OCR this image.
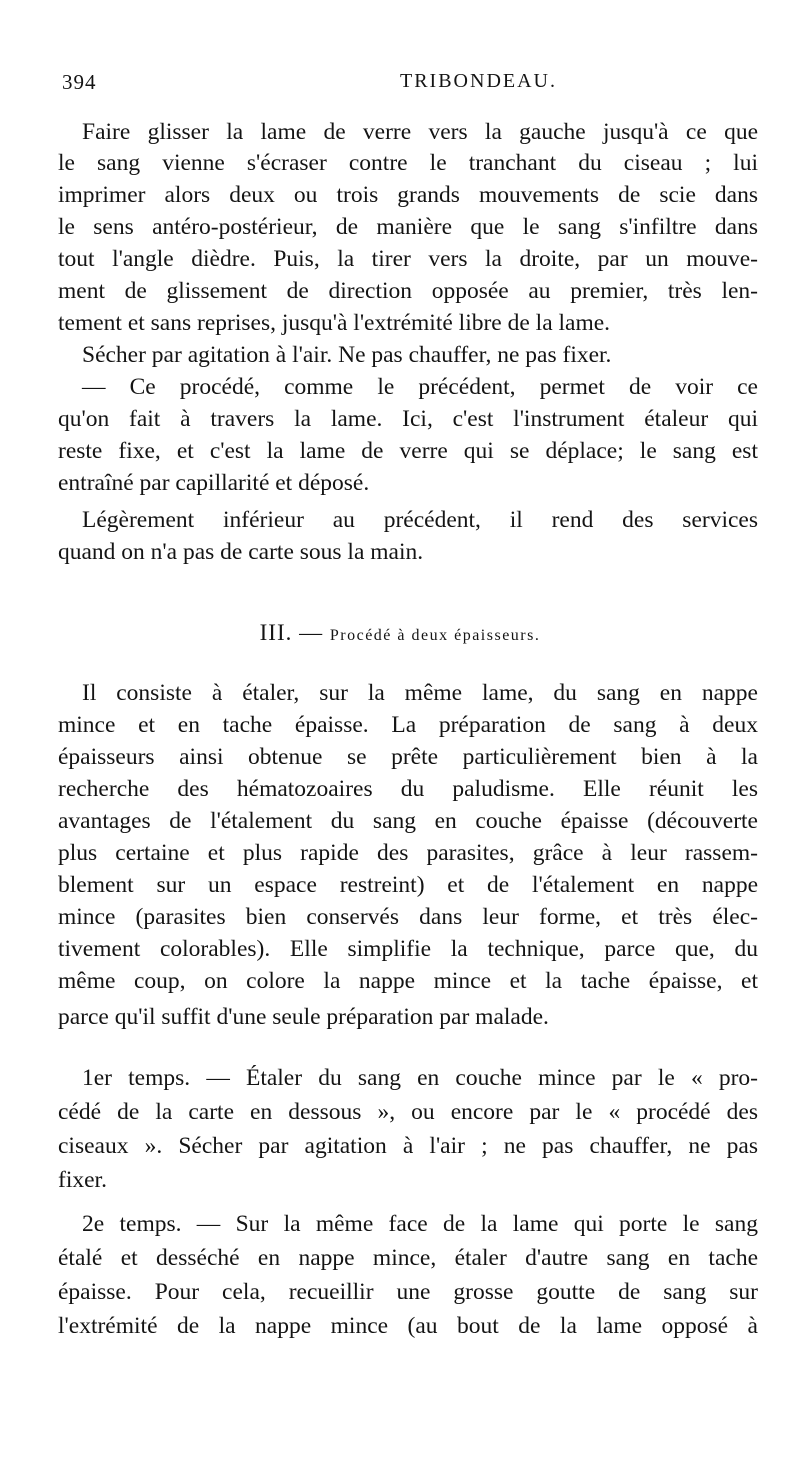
394	TRIBONDEAU.
Faire glisser la lame de verre vers la gauche jusqu'à ce que
le sang vienne s'écraser contre le tranchant du ciseau ; lui
imprimer alors deux ou trois grands mouvements de scie dans
le sens antéro-postérieur, de manière que le sang s'infiltre dans
tout l'angle dièdre. Puis, la tirer vers la droite, par un mouve-
ment de glissement de direction opposée au premier, très len-
tement et sans reprises, jusqu'à l'extrémité libre de la lame.
Sécher par agitation à l'air. Ne pas chauffer, ne pas fixer.
— Ce procédé, comme le précédent, permet de voir ce
qu'on fait à travers la lame. Ici, c'est l'instrument étaleur qui
reste fixe, et c'est la lame de verre qui se déplace; le sang est
entraîné par capillarité et déposé.
Légèrement inférieur au précédent, il rend des services
quand on n'a pas de carte sous la main.
III. — Procédé à deux épaisseurs.
Il consiste à étaler, sur la même lame, du sang en nappe
mince et en tache épaisse. La préparation de sang à deux
épaisseurs ainsi obtenue se prête particulièrement bien à la
recherche des hématozoaires du paludisme. Elle réunit les
avantages de l'étalement du sang en couche épaisse (découverte
plus certaine et plus rapide des parasites, grâce à leur rassem-
blement sur un espace restreint) et de l'étalement en nappe
mince (parasites bien conservés dans leur forme, et très élec-
tivement colorables). Elle simplifie la technique, parce que, du
même coup, on colore la nappe mince et la tache épaisse, et
parce qu'il suffit d'une seule préparation par malade.
1er temps. — Étaler du sang en couche mince par le « pro-
cédé de la carte en dessous », ou encore par le « procédé des
ciseaux ». Sécher par agitation à l'air ; ne pas chauffer, ne pas
fixer.
2e temps. — Sur la même face de la lame qui porte le sang
étalé et desséché en nappe mince, étaler d'autre sang en tache
épaisse. Pour cela, recueillir une grosse goutte de sang sur
l'extrémité de la nappe mince (au bout de la lame opposé à
